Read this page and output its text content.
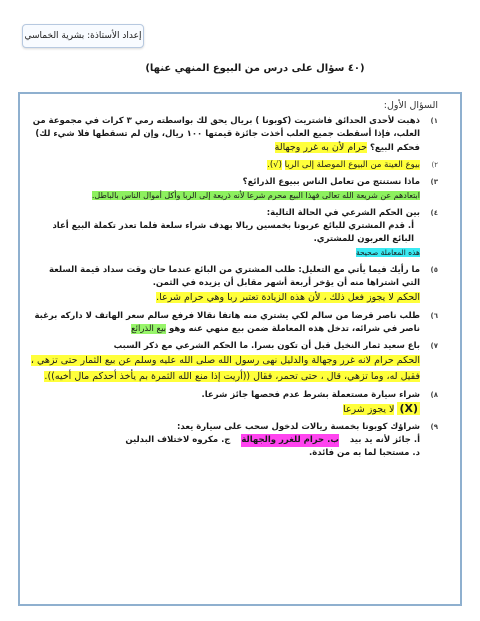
إعداد الأستاذة: بشرية الخماسي
(٤٠ سؤال على درس من البيوع المنهي عنها)
السؤال الأول:
١)
ذهبت لأحدى الحدائق فاشتريت (كوبونا ) بريال يحق لك بواسطته رمي ٣ كرات في مجموعة من العلب، فإذا أسقطت جميع العلب أخذت جائزة قيمتها ١٠٠ ريال، وإن لم تسقطها فلا شيء لك) فحكم البيع؟ حرام لأن به غرر وجهالة
٢)
بيوع العينة من البيوع الموصلة إلى الربا (√).
٣)
ماذا نستنتج من تعامل الناس ببيوع الذرائع؟
ابتعادهم عن شريعة الله تعالى فهذا البيع محرم شرعا لأنه ذريعة إلى الربا وأكل أموال الناس بالباطل.
٤)
بين الحكم الشرعي في الحالة التالية:
أ. قدم المشتري للبائع عربونا بخمسين ريالا بهدف شراء سلعة فلما تعذر تكملة البيع أعاد البائع العربون للمشتري.
هذه المعاملة صحيحة
٥)
ما رأيك فيما يأتي مع التعليل: طلب المشتري من البائع عندما حان وقت سداد قيمة السلعة التي اشتراها منه أن يؤخر أربعة أشهر مقابل أن يزيده في الثمن.
الحكم لا يجوز فعل ذلك ، لأن هذه الزيادة تعتبر ربا وهي حرام شرعا.
٦)
طلب ناصر قرضا من سالم لكي يشتري منه هاتفا نقالا فرفع سالم سعر الهاتف لا داركه برغبة ناصر في شرائه، تدخل هذه المعاملة ضمن بيع منهي عنه وهو بيع الذرائع
٧)
باع سعيد ثمار النخيل قبل أن تكون بسرا. ما الحكم الشرعي مع ذكر السبب
الحكم حرام لانه غرر وجهالة والدليل نهى رسول الله صلى الله عليه وسلم عن بيع الثمار حتى تزهي ، فقيل له، وما تزهي، قال ، حتى تحمر، فقال ((أريت إذا منع الله الثمرة بم يأخذ أحدكم مال أخيه)).
٨)
شراء سيارة مستعملة بشرط عدم فحصها جائز شرعا.
(X) لا يجوز شرعا
٩)
شراؤك كوبونا بخمسة ريالات لدخول سحب على سيارة يعد:
أ. جائز لأنه يد بيد ب. حرام للغرر والجهالة ج. مكروه لاختلاف البدلين د. مستحبا لما به من فائدة.
